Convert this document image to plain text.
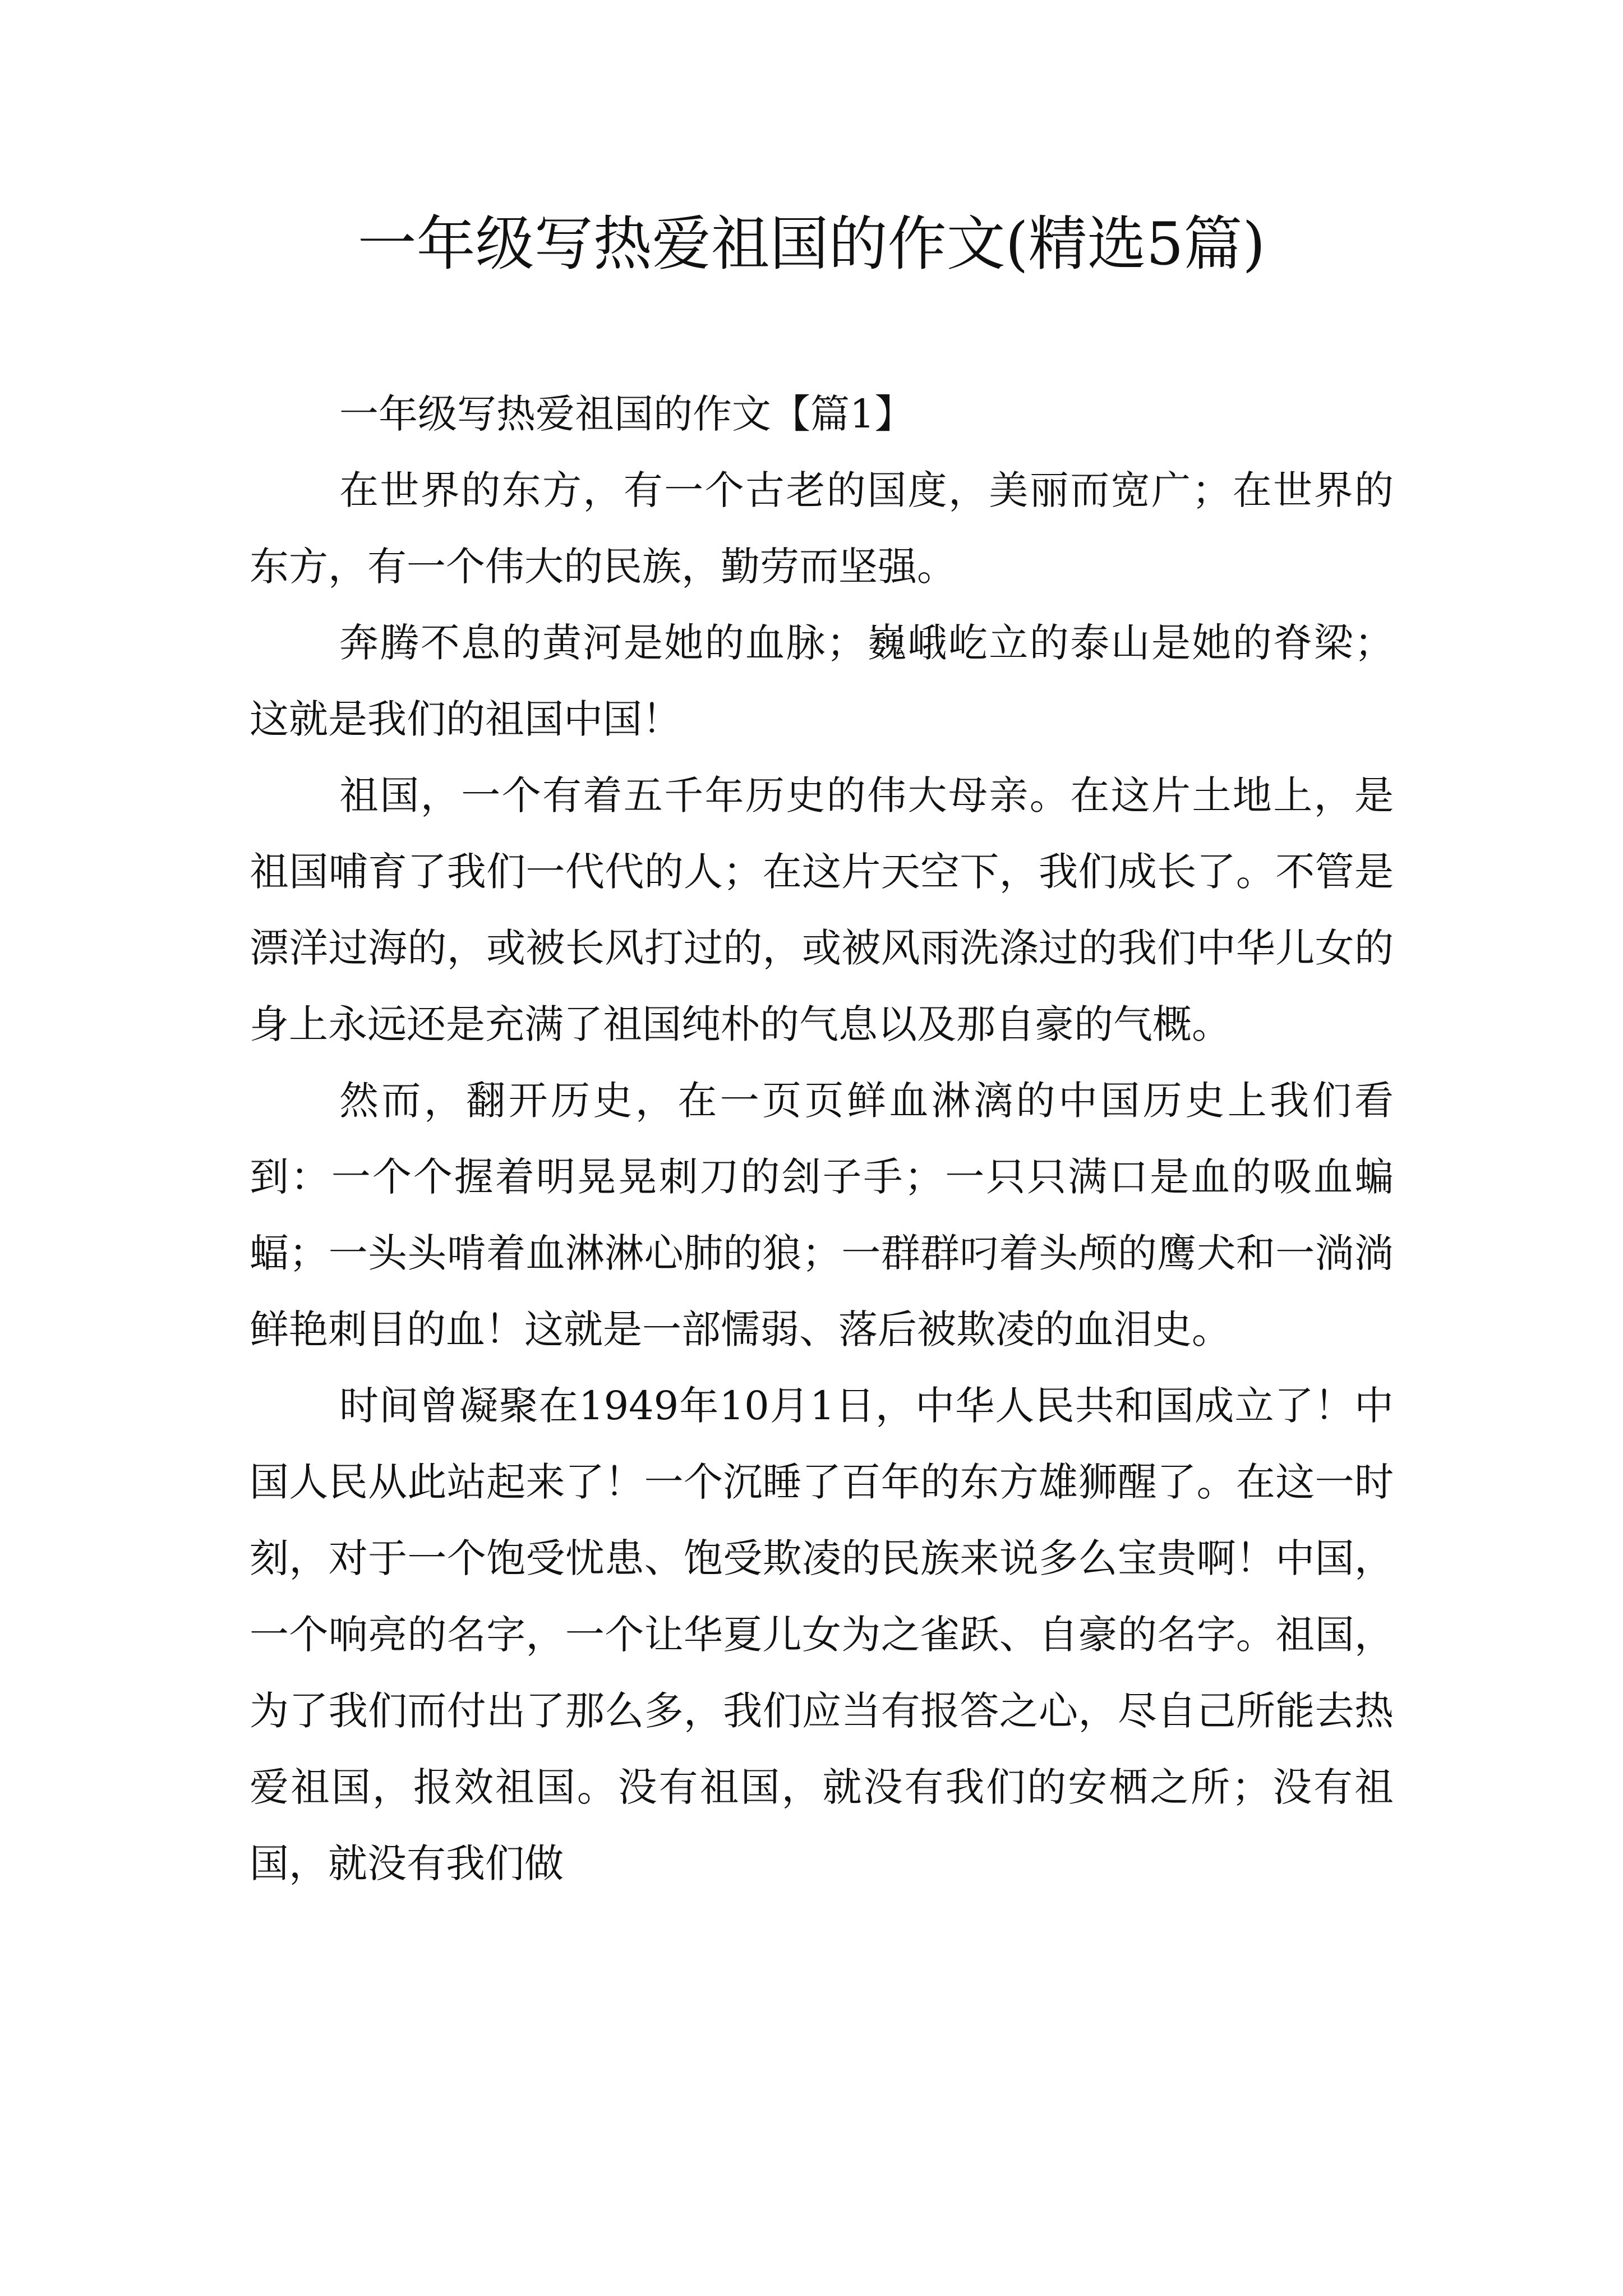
一年级写热爱祖国的作文(精选5篇)

一年级写热爱祖国的作文【篇1】

在世界的东方，有一个古老的国度，美丽而宽广；在世界的东方，有一个伟大的民族，勤劳而坚强。

奔腾不息的黄河是她的血脉；巍峨屹立的泰山是她的脊梁；这就是我们的祖国中国！

祖国，一个有着五千年历史的伟大母亲。在这片土地上，是祖国哺育了我们一代代的人；在这片天空下，我们成长了。不管是漂洋过海的，或被长风打过的，或被风雨洗涤过的我们中华儿女的身上永远还是充满了祖国纯朴的气息以及那自豪的气概。

然而，翻开历史，在一页页鲜血淋漓的中国历史上我们看到：一个个握着明晃晃刺刀的刽子手；一只只满口是血的吸血蝙蝠；一头头啃着血淋淋心肺的狼；一群群叼着头颅的鹰犬和一淌淌鲜艳刺目的血！这就是一部懦弱、落后被欺凌的血泪史。

时间曾凝聚在1949年10月1日，中华人民共和国成立了！中国人民从此站起来了！一个沉睡了百年的东方雄狮醒了。在这一时刻，对于一个饱受忧患、饱受欺凌的民族来说多么宝贵啊！中国，一个响亮的名字，一个让华夏儿女为之雀跃、自豪的名字。祖国，为了我们而付出了那么多，我们应当有报答之心，尽自己所能去热爱祖国，报效祖国。没有祖国，就没有我们的安栖之所；没有祖国，就没有我们做
